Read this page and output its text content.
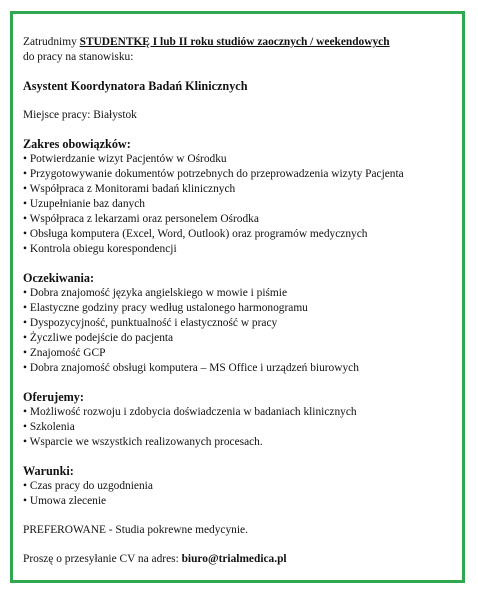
Zatrudnimy STUDENTKĘ I lub II roku studiów zaocznych / weekendowych
do pracy na stanowisku:
Asystent Koordynatora Badań Klinicznych
Miejsce pracy: Białystok
Zakres obowiązków:
• Potwierdzanie wizyt Pacjentów w Ośrodku
• Przygotowywanie dokumentów potrzebnych do przeprowadzenia wizyty Pacjenta
• Współpraca z Monitorami badań klinicznych
• Uzupełnianie baz danych
• Współpraca z lekarzami oraz personelem Ośrodka
• Obsługa komputera (Excel, Word, Outlook) oraz programów medycznych
• Kontrola obiegu korespondencji
Oczekiwania:
• Dobra znajomość języka angielskiego w mowie i piśmie
• Elastyczne godziny pracy według ustalonego harmonogramu
• Dyspozycyjność, punktualność i elastyczność w pracy
• Życzliwe podejście do pacjenta
• Znajomość GCP
• Dobra znajomość obsługi komputera – MS Office i urządzeń biurowych
Oferujemy:
• Możliwość rozwoju i zdobycia doświadczenia w badaniach klinicznych
• Szkolenia
• Wsparcie we wszystkich realizowanych procesach.
Warunki:
• Czas pracy do uzgodnienia
• Umowa zlecenie
PREFEROWANE - Studia pokrewne medycynie.
Proszę o przesyłanie CV na adres: biuro@trialmedica.pl
